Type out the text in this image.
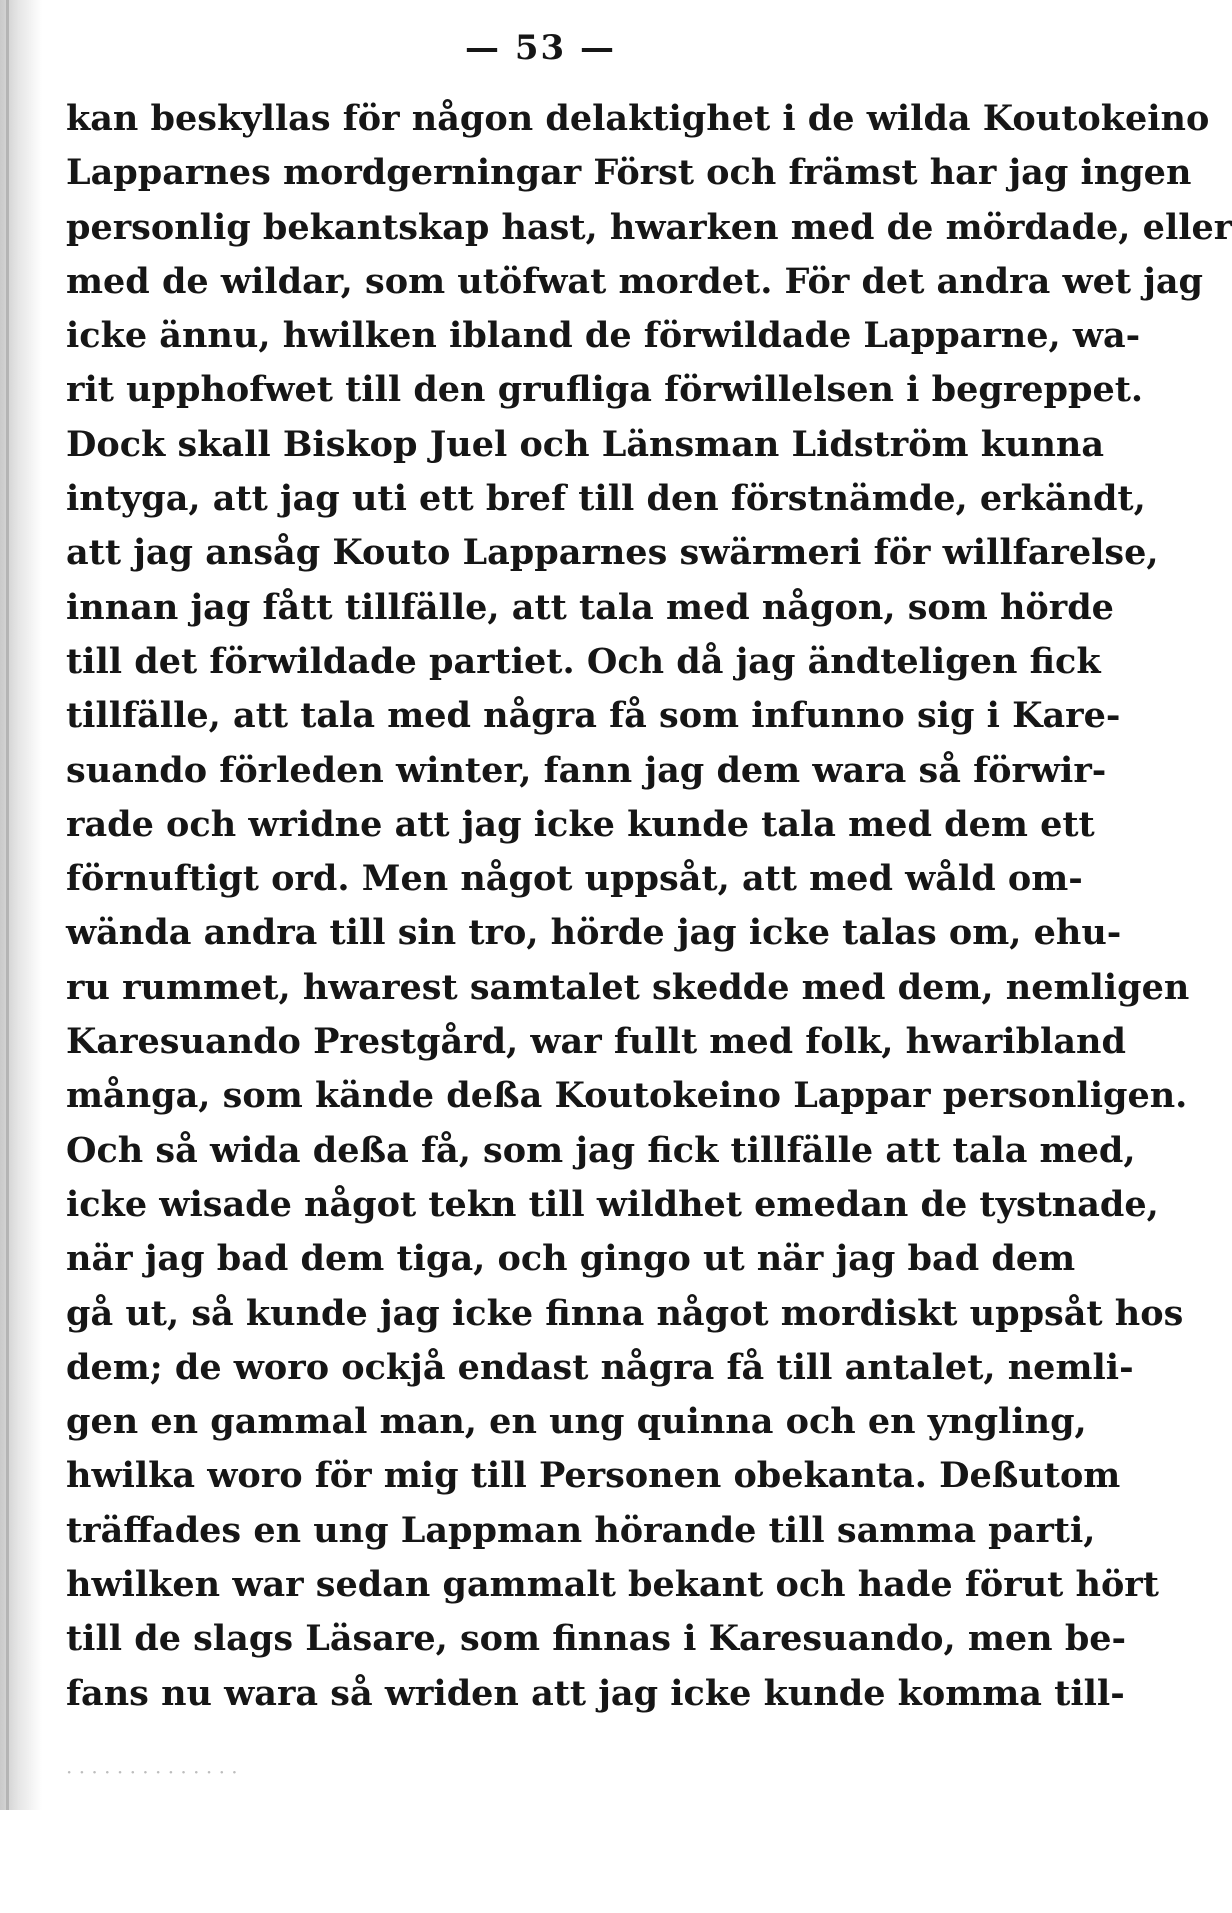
— 53 —
kan beskyllas för någon delaktighet i de wilda Koutokeino
Lapparnes mordgerningar Först och främst har jag ingen
personlig bekantskap hast, hwarken med de mördade, eller
med de wildar, som utöfwat mordet. För det andra wet jag
icke ännu, hwilken ibland de förwildade Lapparne, wa-
rit upphofwet till den grufliga förwillelsen i begreppet.
Dock skall Biskop Juel och Länsman Lidström kunna
intyga, att jag uti ett bref till den förstnämde, erkändt,
att jag ansåg Kouto Lapparnes swärmeri för willfarelse,
innan jag fått tillfälle, att tala med någon, som hörde
till det förwildade partiet. Och då jag ändteligen fick
tillfälle, att tala med några få som infunno sig i Kare-
suando förleden winter, fann jag dem wara så förwir-
rade och wridne att jag icke kunde tala med dem ett
förnuftigt ord. Men något uppsåt, att med wåld om-
wända andra till sin tro, hörde jag icke talas om, ehu-
ru rummet, hwarest samtalet skedde med dem, nemligen
Karesuando Prestgård, war fullt med folk, hwaribland
många, som kände deßa Koutokeino Lappar personligen.
Och så wida deßa få, som jag fick tillfälle att tala med,
icke wisade något tekn till wildhet emedan de tystnade,
när jag bad dem tiga, och gingo ut när jag bad dem
gå ut, så kunde jag icke finna något mordiskt uppsåt hos
dem; de woro ockjå endast några få till antalet, nemli-
gen en gammal man, en ung quinna och en yngling,
hwilka woro för mig till Personen obekanta. Deßutom
träffades en ung Lappman hörande till samma parti,
hwilken war sedan gammalt bekant och hade förut hört
till de slags Läsare, som finnas i Karesuando, men be-
fans nu wara så wriden att jag icke kunde komma till-
· · · · · · · · · · · · · ·
